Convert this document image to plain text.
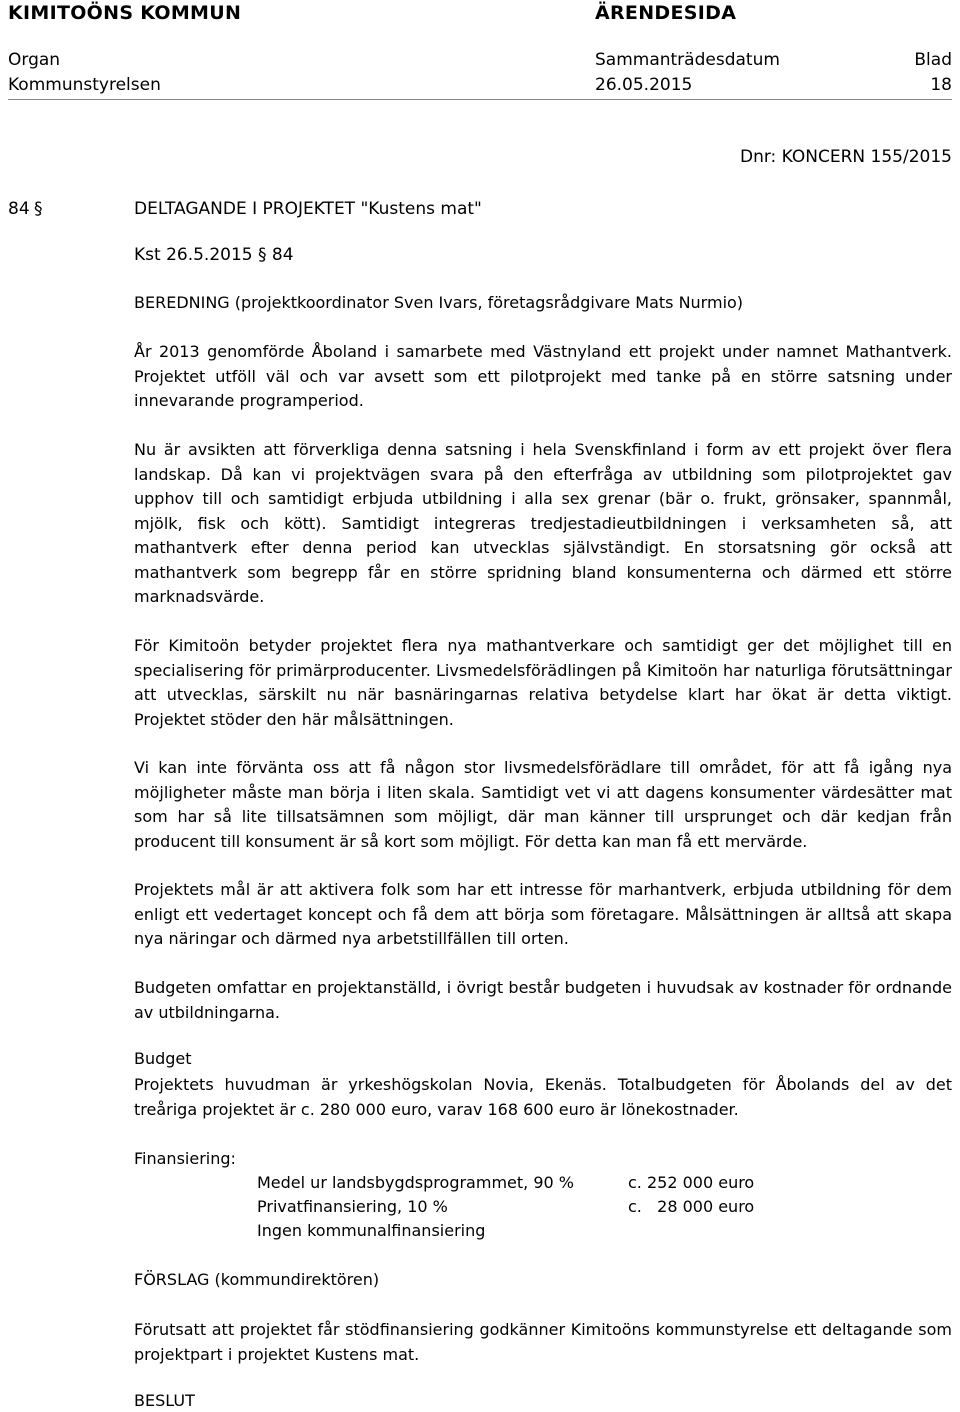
KIMITOÖNS KOMMUN	ÄRENDESIDA
Organ	Sammanträdesdatum	Blad
Kommunstyrelsen	26.05.2015	18
Dnr: KONCERN 155/2015
84 §	DELTAGANDE I PROJEKTET "Kustens mat"
Kst 26.5.2015 § 84
BEREDNING (projektkoordinator Sven Ivars, företagsrådgivare Mats Nurmio)

År 2013 genomförde Åboland i samarbete med Västnyland ett projekt under namnet Mathantverk. Projektet utföll väl och var avsett som ett pilotprojekt med tanke på en större satsning under innevarande programperiod.

Nu är avsikten att förverkliga denna satsning i hela Svenskfinland i form av ett projekt över flera landskap. Då kan vi projektvägen svara på den efterfråga av utbildning som pilotprojektet gav upphov till och samtidigt erbjuda utbildning i alla sex grenar (bär o. frukt, grönsaker, spannmål, mjölk, fisk och kött). Samtidigt integreras tredjestadieutbildningen i verksamheten så, att mathantverk efter denna period kan utvecklas självständigt. En storsatsning gör också att mathantverk som begrepp får en större spridning bland konsumenterna och därmed ett större marknadsvärde.

För Kimitoön betyder projektet flera nya mathantverkare och samtidigt ger det möjlighet till en specialisering för primärproducenter. Livsmedelsförädlingen på Kimitoön har naturliga förutsättningar att utvecklas, särskilt nu när basnäringarnas relativa betydelse klart har ökat är detta viktigt. Projektet stöder den här målsättningen.

Vi kan inte förvänta oss att få någon stor livsmedelsförädlare till området, för att få igång nya möjligheter måste man börja i liten skala. Samtidigt vet vi att dagens konsumenter värdesätter mat som har så lite tillsatsämnen som möjligt, där man känner till ursprunget och där kedjan från producent till konsument är så kort som möjligt. För detta kan man få ett mervärde.

Projektets mål är att aktivera folk som har ett intresse för marhantverk, erbjuda utbildning för dem enligt ett vedertaget koncept och få dem att börja som företagare. Målsättningen är alltså att skapa nya näringar och därmed nya arbetstillfällen till orten.

Budgeten omfattar en projektanställd, i övrigt består budgeten i huvudsak av kostnader för ordnande av utbildningarna.

Budget

Projektets huvudman är yrkeshögskolan Novia, Ekenäs. Totalbudgeten för Åbolands del av det treåriga projektet är c. 280 000 euro, varav 168 600 euro är lönekostnader.

Finansiering:
Medel ur landsbygdsprogrammet, 90 %	c. 252 000 euro
Privatfinansiering, 10 %	c.   28 000 euro
Ingen kommunalfinansiering
FÖRSLAG (kommundirektören)

Förutsatt att projektet får stödfinansiering godkänner Kimitoöns kommunstyrelse ett deltagande som projektpart i projektet Kustens mat.

BESLUT
